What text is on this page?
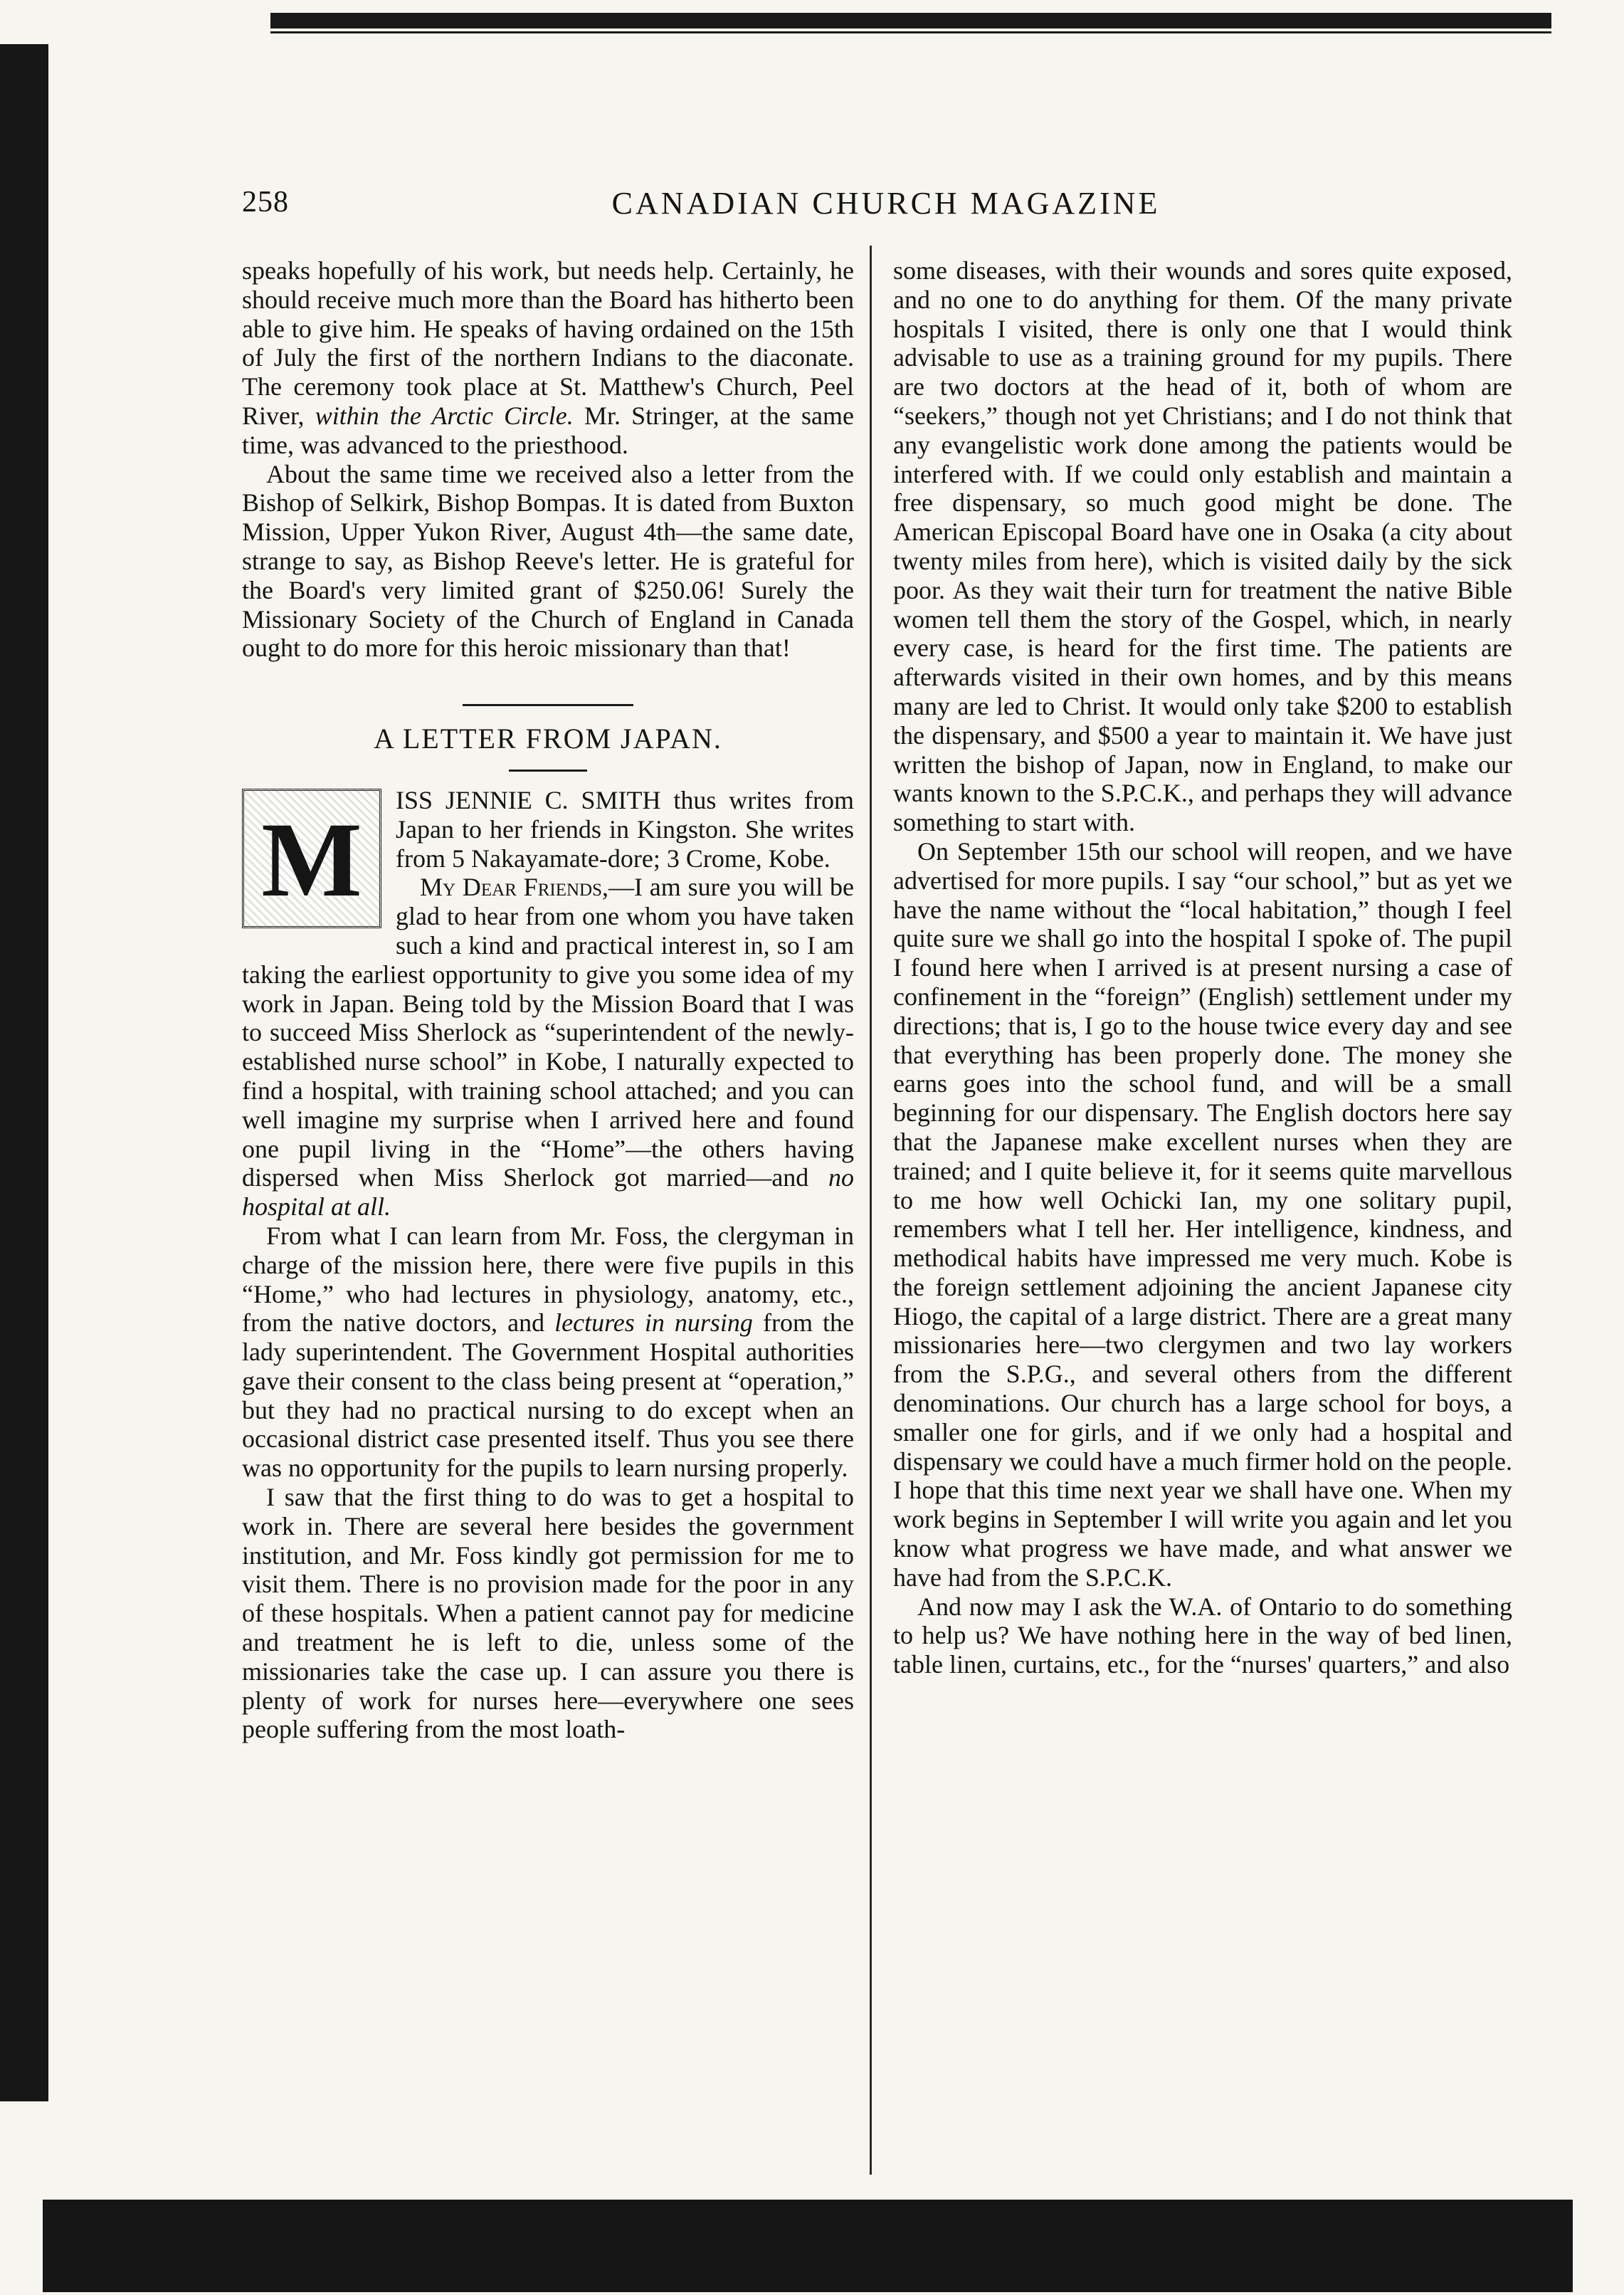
258	CANADIAN CHURCH MAGAZINE

speaks hopefully of his work, but needs help. Certainly, he should receive much more than the Board has hitherto been able to give him. He speaks of having ordained on the 15th of July the first of the northern Indians to the diaconate. The ceremony took place at St. Matthew's Church, Peel River, within the Arctic Circle. Mr. Stringer, at the same time, was advanced to the priesthood.

About the same time we received also a letter from the Bishop of Selkirk, Bishop Bompas. It is dated from Buxton Mission, Upper Yukon River, August 4th—the same date, strange to say, as Bishop Reeve's letter. He is grateful for the Board's very limited grant of $250.06! Surely the Missionary Society of the Church of England in Canada ought to do more for this heroic missionary than that!

A LETTER FROM JAPAN.

M
ISS JENNIE C. SMITH thus writes from Japan to her friends in Kingston. She writes from 5 Nakayamate-dore; 3 Crome, Kobe.

My Dear Friends,—I am sure you will be glad to hear from one whom you have taken such a kind and practical interest in, so I am taking the earliest opportunity to give you some idea of my work in Japan. Being told by the Mission Board that I was to succeed Miss Sherlock as “superintendent of the newly-established nurse school” in Kobe, I naturally expected to find a hospital, with training school attached; and you can well imagine my surprise when I arrived here and found one pupil living in the “Home”—the others having dispersed when Miss Sherlock got married—and no hospital at all.

From what I can learn from Mr. Foss, the clergyman in charge of the mission here, there were five pupils in this “Home,” who had lectures in physiology, anatomy, etc., from the native doctors, and lectures in nursing from the lady superintendent. The Government Hospital authorities gave their consent to the class being present at “operation,” but they had no practical nursing to do except when an occasional district case presented itself. Thus you see there was no opportunity for the pupils to learn nursing properly.

I saw that the first thing to do was to get a hospital to work in. There are several here besides the government institution, and Mr. Foss kindly got permission for me to visit them. There is no provision made for the poor in any of these hospitals. When a patient cannot pay for medicine and treatment he is left to die, unless some of the missionaries take the case up. I can assure you there is plenty of work for nurses here—everywhere one sees people suffering from the most loath-

some diseases, with their wounds and sores quite exposed, and no one to do anything for them. Of the many private hospitals I visited, there is only one that I would think advisable to use as a training ground for my pupils. There are two doctors at the head of it, both of whom are “seekers,” though not yet Christians; and I do not think that any evangelistic work done among the patients would be interfered with. If we could only establish and maintain a free dispensary, so much good might be done. The American Episcopal Board have one in Osaka (a city about twenty miles from here), which is visited daily by the sick poor. As they wait their turn for treatment the native Bible women tell them the story of the Gospel, which, in nearly every case, is heard for the first time. The patients are afterwards visited in their own homes, and by this means many are led to Christ. It would only take $200 to establish the dispensary, and $500 a year to maintain it. We have just written the bishop of Japan, now in England, to make our wants known to the S.P.C.K., and perhaps they will advance something to start with.

On September 15th our school will reopen, and we have advertised for more pupils. I say “our school,” but as yet we have the name without the “local habitation,” though I feel quite sure we shall go into the hospital I spoke of. The pupil I found here when I arrived is at present nursing a case of confinement in the “foreign” (English) settlement under my directions; that is, I go to the house twice every day and see that everything has been properly done. The money she earns goes into the school fund, and will be a small beginning for our dispensary. The English doctors here say that the Japanese make excellent nurses when they are trained; and I quite believe it, for it seems quite marvellous to me how well Ochicki Ian, my one solitary pupil, remembers what I tell her. Her intelligence, kindness, and methodical habits have impressed me very much. Kobe is the foreign settlement adjoining the ancient Japanese city Hiogo, the capital of a large district. There are a great many missionaries here—two clergymen and two lay workers from the S.P.G., and several others from the different denominations. Our church has a large school for boys, a smaller one for girls, and if we only had a hospital and dispensary we could have a much firmer hold on the people. I hope that this time next year we shall have one. When my work begins in September I will write you again and let you know what progress we have made, and what answer we have had from the S.P.C.K.

And now may I ask the W.A. of Ontario to do something to help us? We have nothing here in the way of bed linen, table linen, curtains, etc., for the “nurses' quarters,” and also
